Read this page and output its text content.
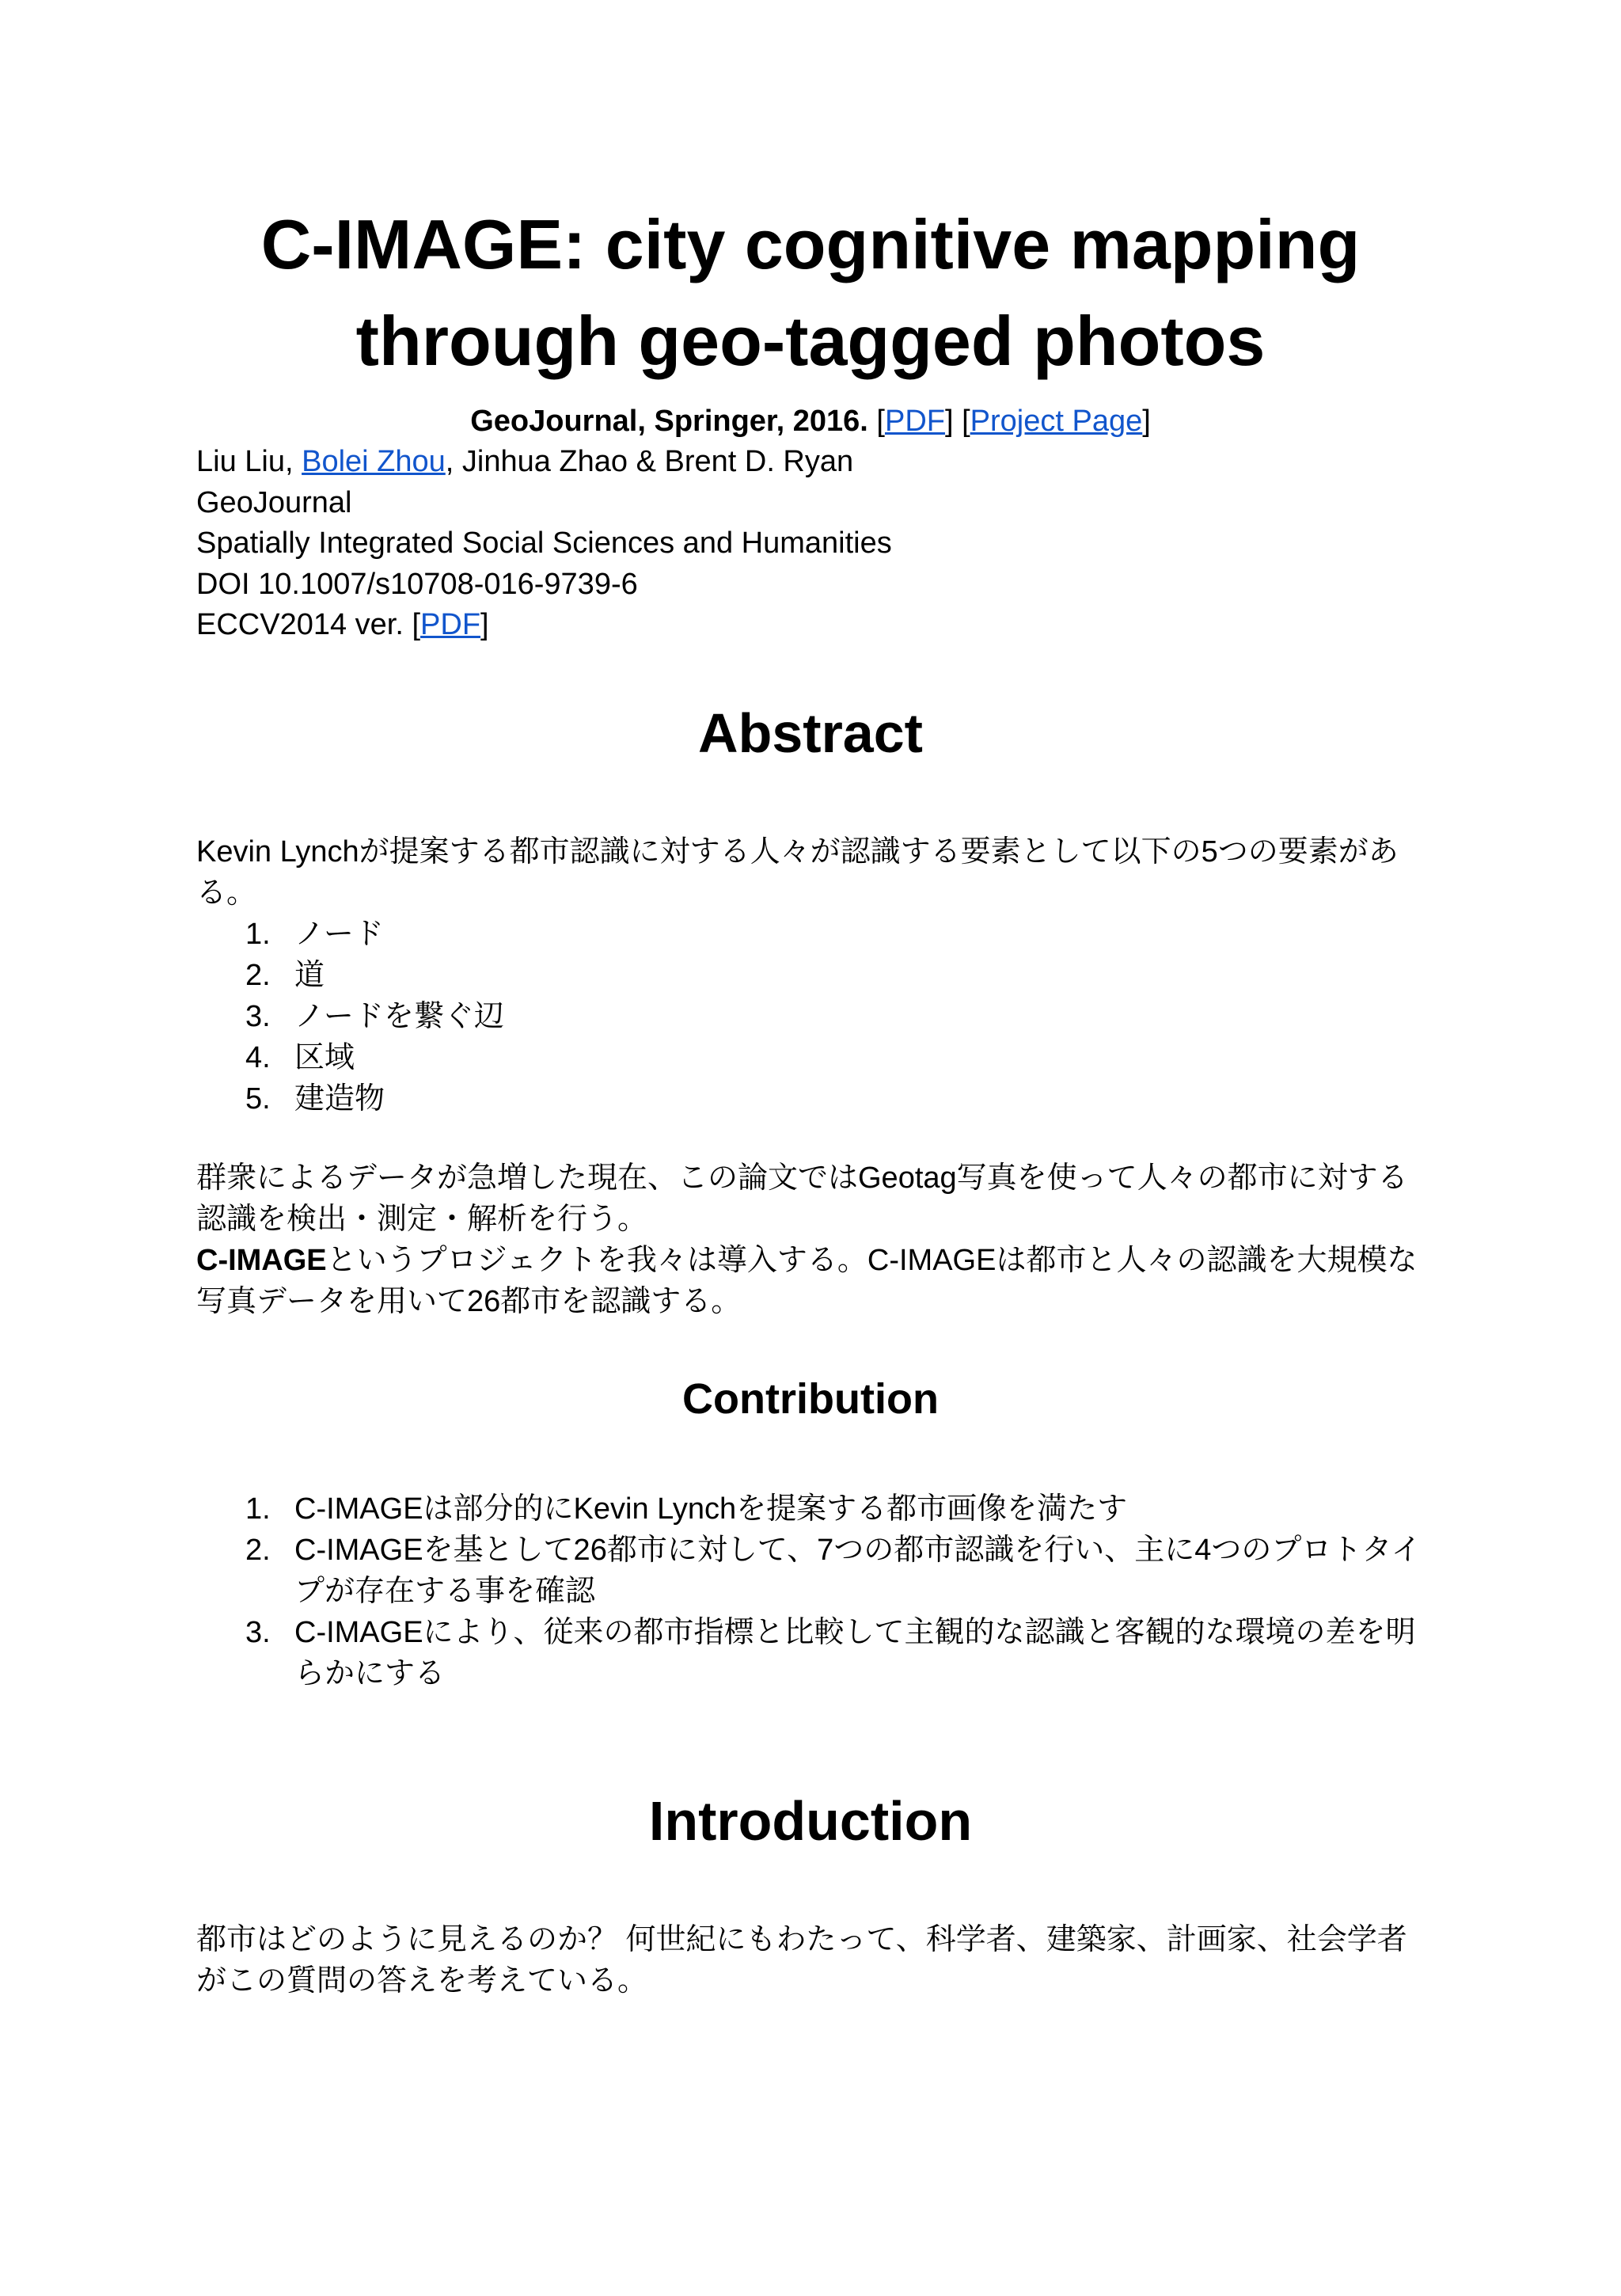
C-IMAGE: city cognitive mapping
through geo-tagged photos
GeoJournal, Springer, 2016. [PDF] [Project Page]
Liu Liu, Bolei Zhou, Jinhua Zhao & Brent D. Ryan
GeoJournal
Spatially Integrated Social Sciences and Humanities
DOI 10.1007/s10708-016-9739-6
ECCV2014 ver. [PDF]
Abstract

Kevin Lynchが提案する都市認識に対する人々が認識する要素として以下の5つの要素があ

る。

1. ノード
2. 道
3. ノードを繋ぐ辺
4. 区域
5. 建造物

群衆によるデータが急増した現在、この論文ではGeotag写真を使って人々の都市に対する

認識を検出・測定・解析を行う。

C-IMAGEというプロジェクトを我々は導入する。C-IMAGEは都市と人々の認識を大規模な

写真データを用いて26都市を認識する。

Contribution
1. C-IMAGEは部分的にKevin Lynchを提案する都市画像を満たす
2. C-IMAGEを基として26都市に対して、7つの都市認識を行い、主に4つのプロトタイ
プが存在する事を確認
3. C-IMAGEにより、従来の都市指標と比較して主観的な認識と客観的な環境の差を明
らかにする
Introduction

都市はどのように見えるのか？ 何世紀にもわたって、科学者、建築家、計画家、社会学者

がこの質問の答えを考えている。
